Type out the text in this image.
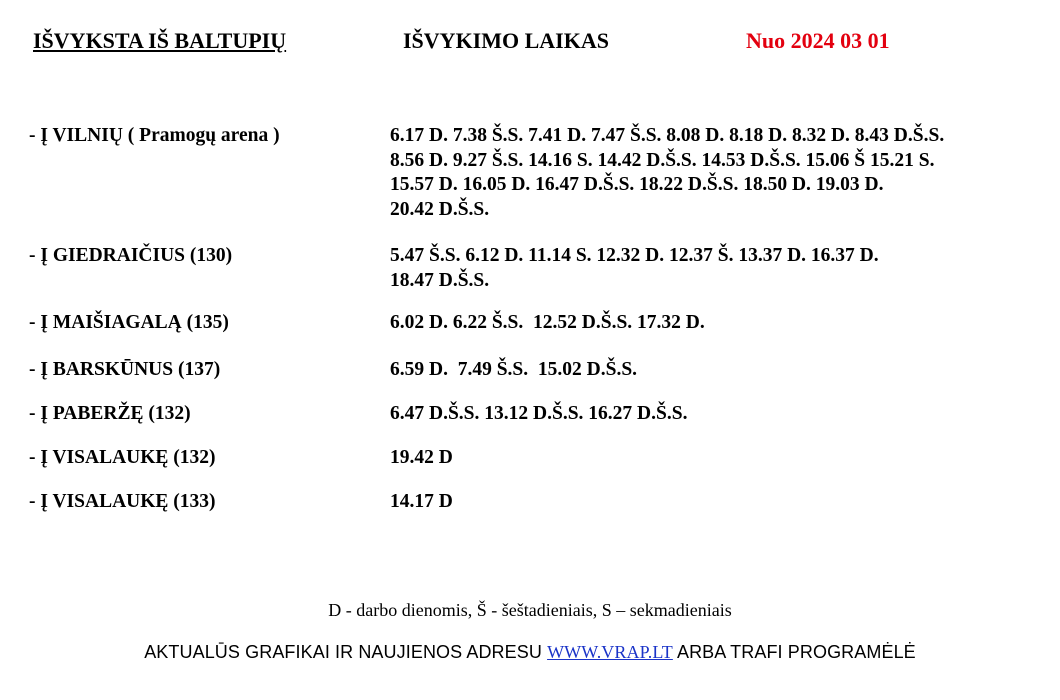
IŠVYKSTA IŠ BALTUPIŲ	IŠVYKIMO LAIKAS	Nuo 2024 03 01
- Į VILNIŲ ( Pramogų arena )	6.17 D. 7.38 Š.S. 7.41 D. 7.47 Š.S. 8.08 D. 8.18 D. 8.32 D. 8.43 D.Š.S.
8.56 D. 9.27 Š.S. 14.16 S. 14.42 D.Š.S. 14.53 D.Š.S. 15.06 Š 15.21 S.
15.57 D. 16.05 D. 16.47 D.Š.S. 18.22 D.Š.S. 18.50 D. 19.03 D.
20.42 D.Š.S.
- Į GIEDRAIČIUS (130)	5.47 Š.S. 6.12 D. 11.14 S. 12.32 D. 12.37 Š. 13.37 D. 16.37 D.
18.47 D.Š.S.
- Į MAIŠIAGALĄ (135)	6.02 D. 6.22 Š.S.  12.52 D.Š.S. 17.32 D.
- Į BARSKŪNUS (137)	6.59 D.  7.49 Š.S.  15.02 D.Š.S.
- Į PABERŽĘ (132)	6.47 D.Š.S. 13.12 D.Š.S. 16.27 D.Š.S.
- Į VISALAUKĘ (132)	19.42 D
- Į VISALAUKĘ (133)	14.17 D
D - darbo dienomis, Š - šeštadieniais, S – sekmadieniais
AKTUALŪS GRAFIKAI IR NAUJIENOS ADRESU WWW.VRAP.LT ARBA TRAFI PROGRAMĖLĖ
